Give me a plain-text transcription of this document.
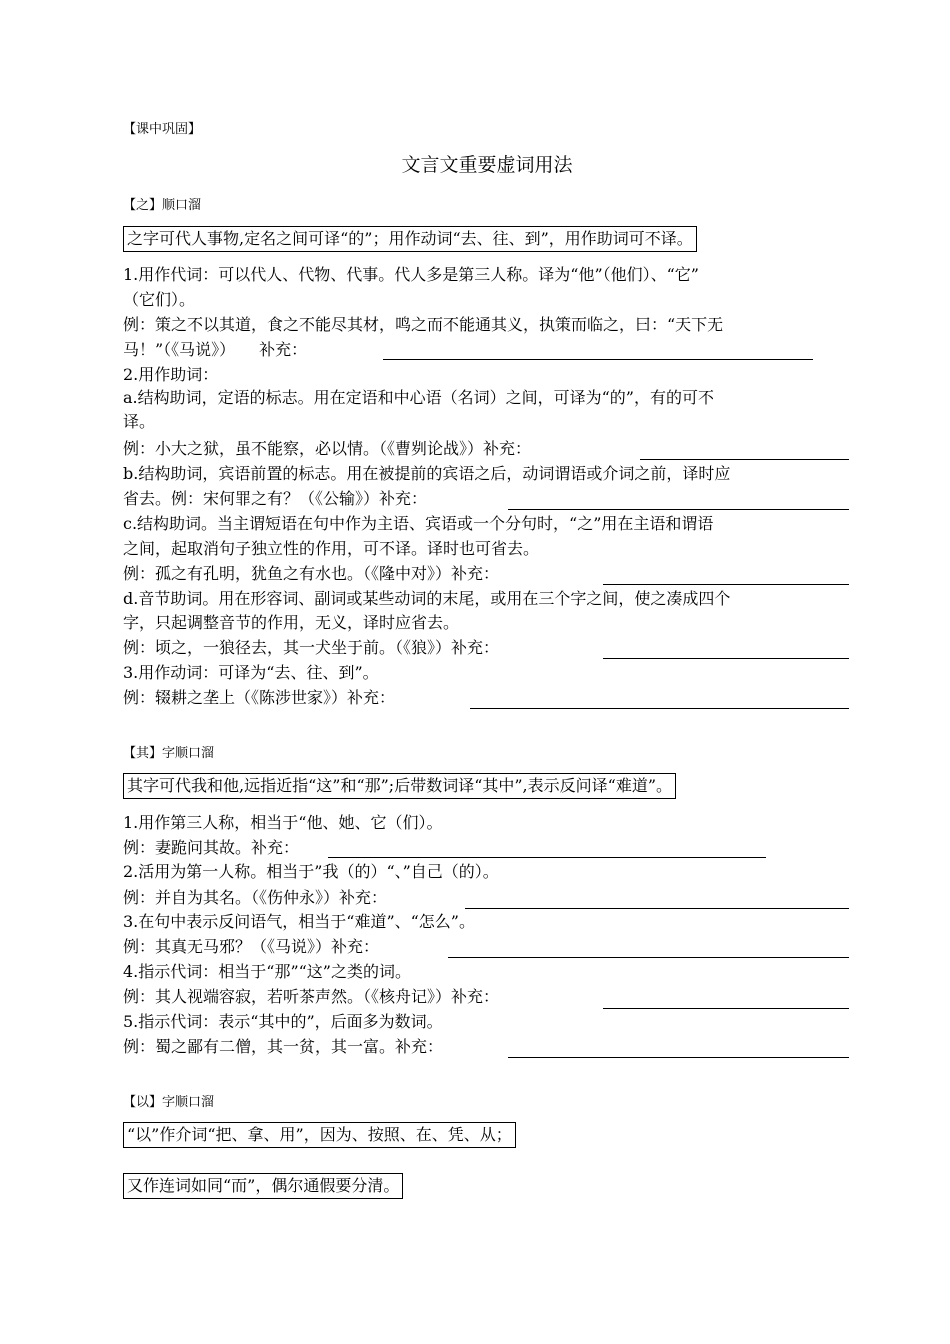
【课中巩固】
文言文重要虚词用法
【之】顺口溜
之字可代人事物,定名之间可译“的”；用作动词“去、往、到”，用作助词可不译。
1.用作代词：可以代人、代物、代事。代人多是第三人称。译为“他”（他们）、“它”
（它们）。
例：策之不以其道，食之不能尽其材，鸣之而不能通其义，执策而临之，曰：“天下无
马！”（《马说》）　　补充：
2.用作助词：
a.结构助词，定语的标志。用在定语和中心语（名词）之间，可译为“的”，有的可不
译。
例：小大之狱，虽不能察，必以情。（《曹刿论战》）补充：
b.结构助词，宾语前置的标志。用在被提前的宾语之后，动词谓语或介词之前，译时应
省去。例：宋何罪之有？（《公输》）补充：
c.结构助词。当主谓短语在句中作为主语、宾语或一个分句时，“之”用在主语和谓语
之间，起取消句子独立性的作用，可不译。译时也可省去。
例：孤之有孔明，犹鱼之有水也。（《隆中对》）补充：
d.音节助词。用在形容词、副词或某些动词的末尾，或用在三个字之间，使之凑成四个
字，只起调整音节的作用，无义，译时应省去。
例：顷之，一狼径去，其一犬坐于前。（《狼》）补充：
3.用作动词：可译为“去、往、到”。
例：辍耕之垄上（《陈涉世家》）补充：
【其】字顺口溜
其字可代我和他,远指近指“这”和“那”;后带数词译“其中”,表示反问译“难道”。
1.用作第三人称，相当于“他、她、它（们）。
例：妻跪问其故。补充：
2.活用为第一人称。相当于”我（的）“、”自己（的）。
例：并自为其名。（《伤仲永》）补充：
3.在句中表示反问语气，相当于“难道”、“怎么”。
例：其真无马邪？（《马说》）补充：
4.指示代词：相当于“那”“这”之类的词。
例：其人视端容寂，若听茶声然。（《核舟记》）补充：
5.指示代词：表示“其中的”，后面多为数词。
例：蜀之鄙有二僧，其一贫，其一富。补充：
【以】字顺口溜
“以”作介词“把、拿、用”，因为、按照、在、凭、从；
又作连词如同“而”，偶尔通假要分清。
